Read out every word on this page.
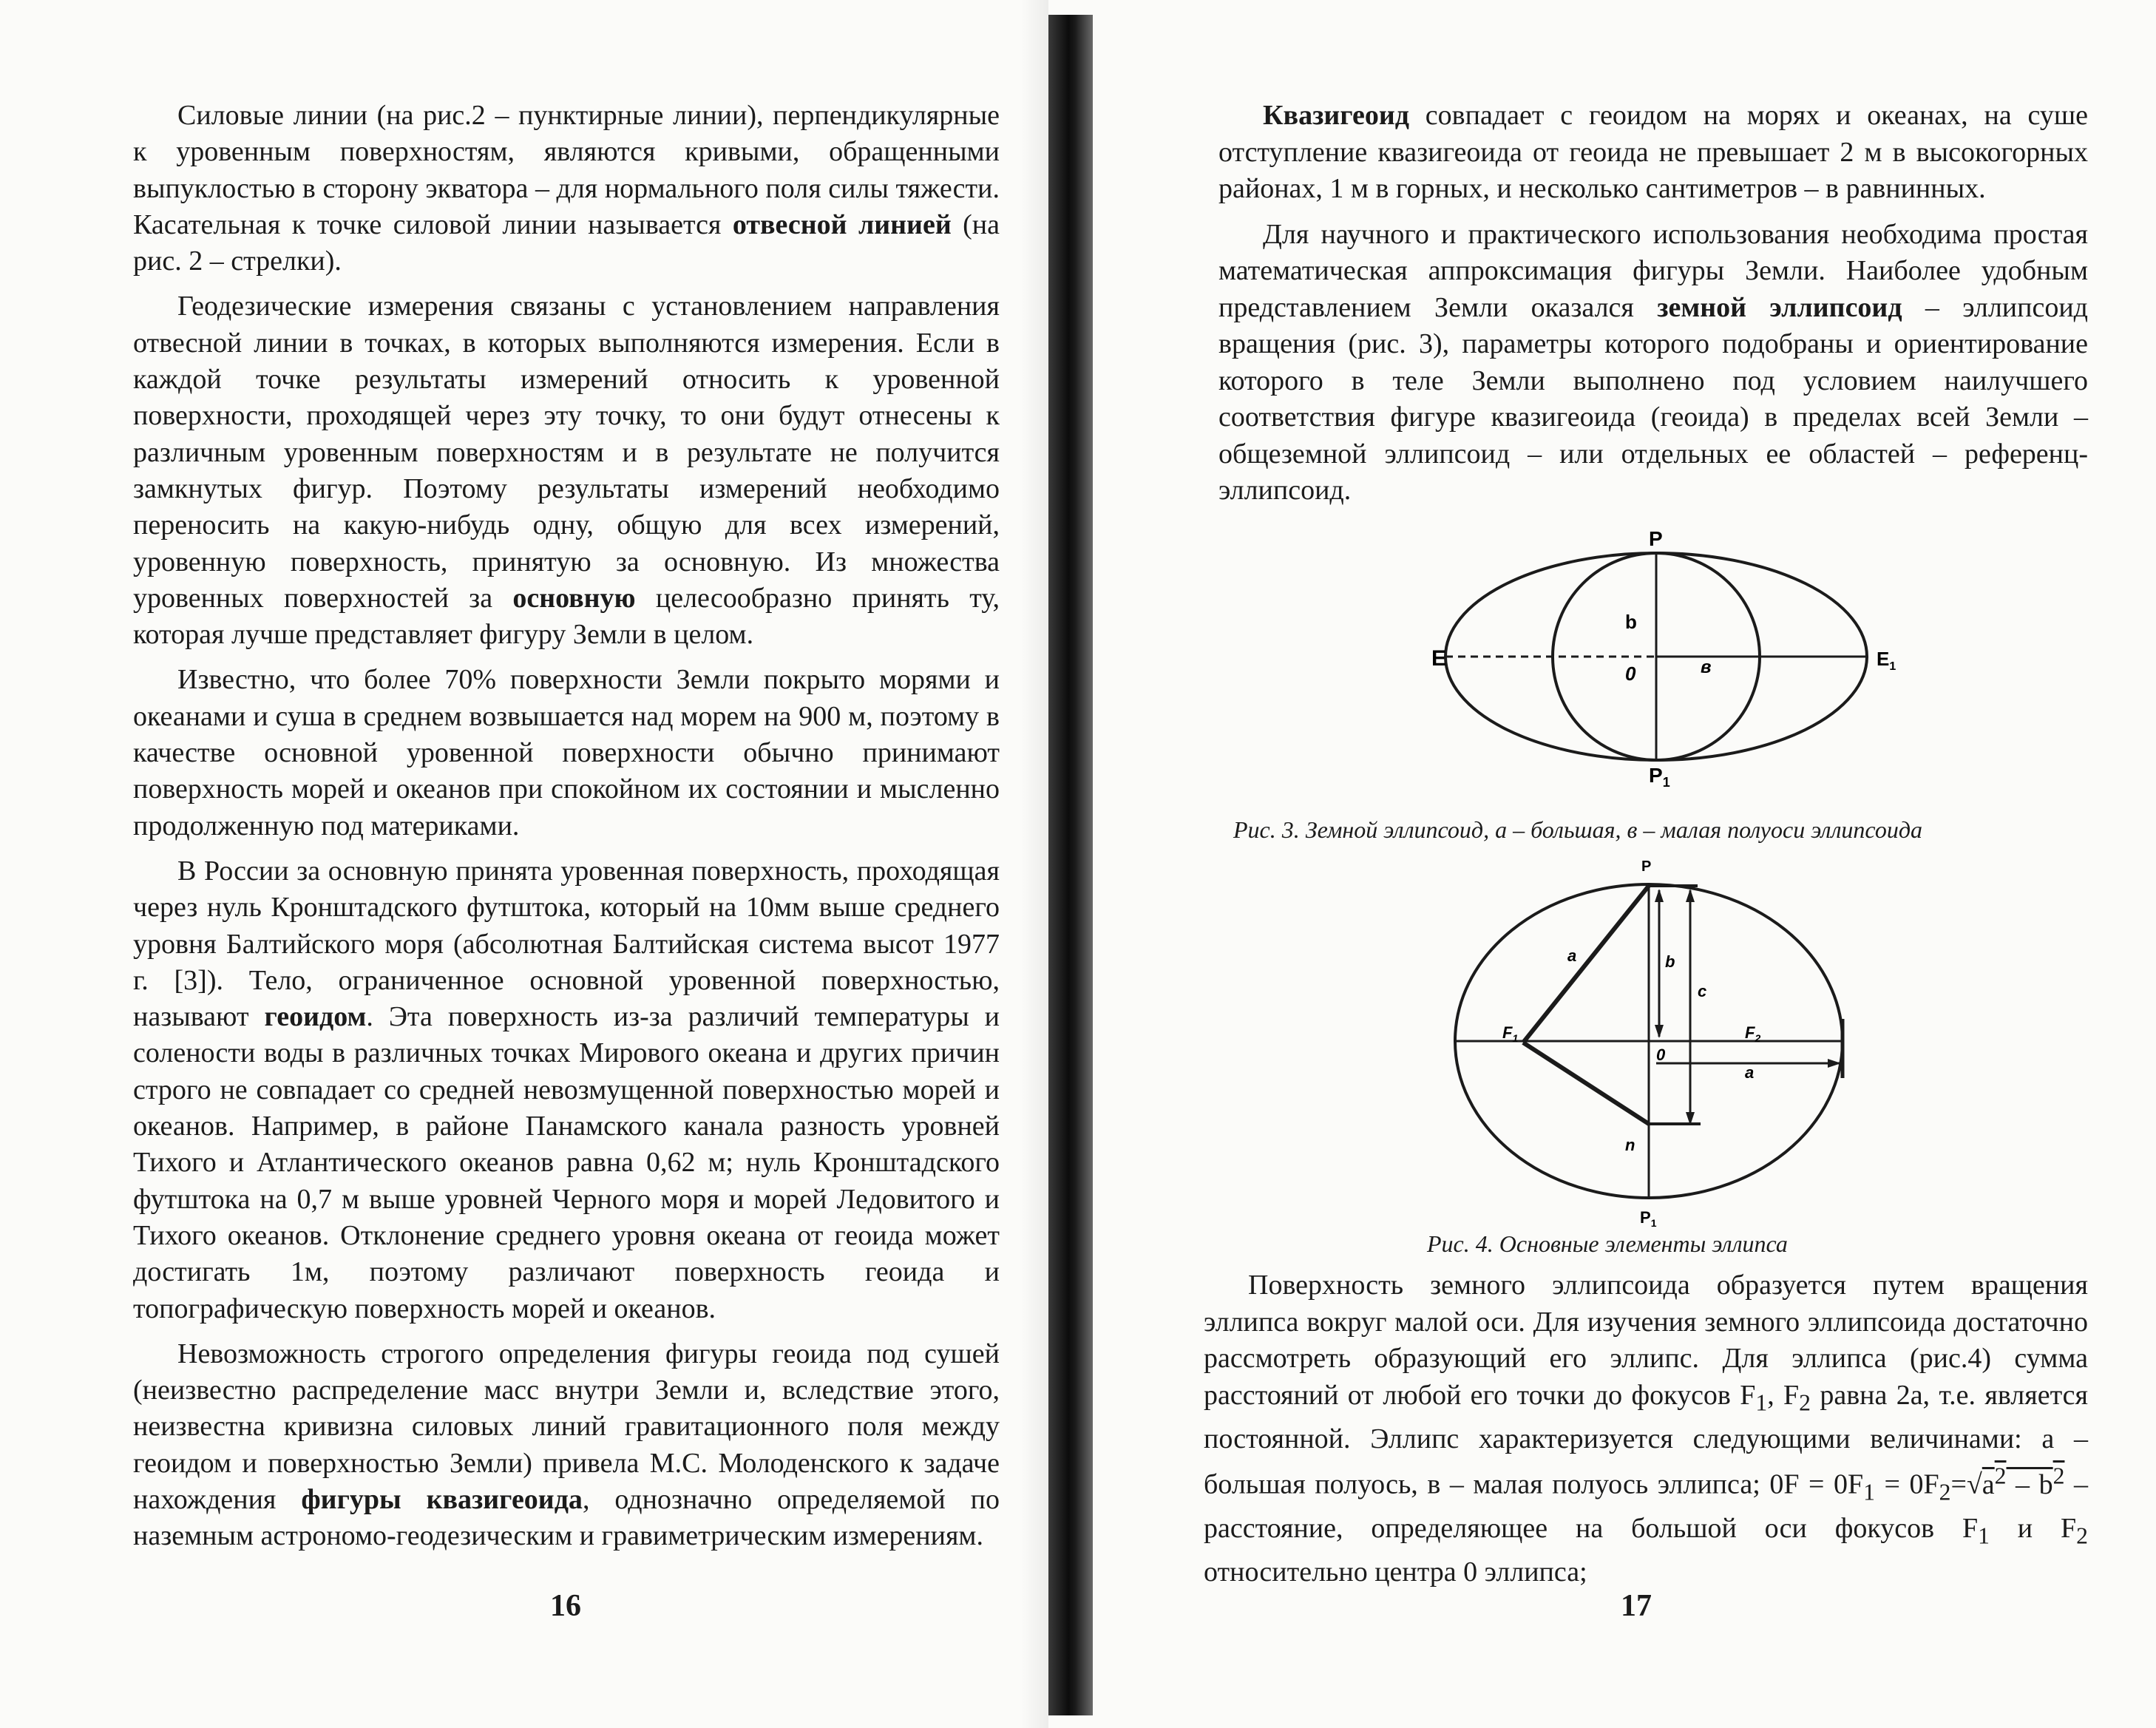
Силовые линии (на рис.2 – пунктирные линии), перпендикулярные к уровенным поверхностям, являются кривыми, обращенными выпуклостью в сторону экватора – для нормального поля силы тяжести. Касательная к точке силовой линии называется отвесной линией (на рис. 2 – стрелки).

Геодезические измерения связаны с установлением направления отвесной линии в точках, в которых выполняются измерения. Если в каждой точке результаты измерений относить к уровенной поверхности, проходящей через эту точку, то они будут отнесены к различным уровенным поверхностям и в результате не получится замкнутых фигур. Поэтому результаты измерений необходимо переносить на какую-нибудь одну, общую для всех измерений, уровенную поверхность, принятую за основную. Из множества уровенных поверхностей за основную целесообразно принять ту, которая лучше представляет фигуру Земли в целом.

Известно, что более 70% поверхности Земли покрыто морями и океанами и суша в среднем возвышается над морем на 900 м, поэтому в качестве основной уровенной поверхности обычно принимают поверхность морей и океанов при спокойном их состоянии и мысленно продолженную под материками.

В России за основную принята уровенная поверхность, проходящая через нуль Кронштадского футштока, который на 10мм выше среднего уровня Балтийского моря (абсолютная Балтийская система высот 1977 г. [3]). Тело, ограниченное основной уровенной поверхностью, называют геоидом. Эта поверхность из-за различий температуры и солености воды в различных точках Мирового океана и других причин строго не совпадает со средней невозмущенной поверхностью морей и океанов. Например, в районе Панамского канала разность уровней Тихого и Атлантического океанов равна 0,62 м; нуль Кронштадского футштока на 0,7 м выше уровней Черного моря и морей Ледовитого и Тихого океанов. Отклонение среднего уровня океана от геоида может достигать 1м, поэтому различают поверхность геоида и топографическую поверхность морей и океанов.

Невозможность строгого определения фигуры геоида под сушей (неизвестно распределение масс внутри Земли и, вследствие этого, неизвестна кривизна силовых линий гравитационного поля между геоидом и поверхностью Земли) привела М.С. Молоденского к задаче нахождения фигуры квазигеоида, однозначно определяемой по наземным астрономо-геодезическим и гравиметрическим измерениям.

16

Квазигеоид совпадает с геоидом на морях и океанах, на суше отступление квазигеоида от геоида не превышает 2 м в высокогорных районах, 1 м в горных, и несколько сантиметров – в равнинных.

Для научного и практического использования необходима простая математическая аппроксимация фигуры Земли. Наиболее удобным представлением Земли оказался земной эллипсоид – эллипсоид вращения (рис. 3), параметры которого подобраны и ориентирование которого в теле Земли выполнено под условием наилучшего соответствия фигуре квазигеоида (геоида) в пределах всей Земли – общеземной эллипсоид – или отдельных ее областей – референц-эллипсоид.

P
$P_1$
E	$E_1$
b
0	в
Рис. 3. Земной эллипсоид, а – большая, в – малая полуоси эллипсоида
P
$P_1$
$F_1$	$F_2$
a	b
c
0
a
n
Рис. 4. Основные элементы эллипса

Поверхность земного эллипсоида образуется путем вращения эллипса вокруг малой оси. Для изучения земного эллипсоида достаточно рассмотреть образующий его эллипс. Для эллипса (рис.4) сумма расстояний от любой его точки до фокусов $F_1$, $F_2$ равна 2а, т.е. является постоянной. Эллипс характеризуется следующими величинами: а – большая полуось, в – малая полуось эллипса; $0F = 0F_1 = 0F_2=√a^2 - b^2$ – расстояние, определяющее на большой оси фокусов $F_1$ и $F_2$ относительно центра 0 эллипса;

17
